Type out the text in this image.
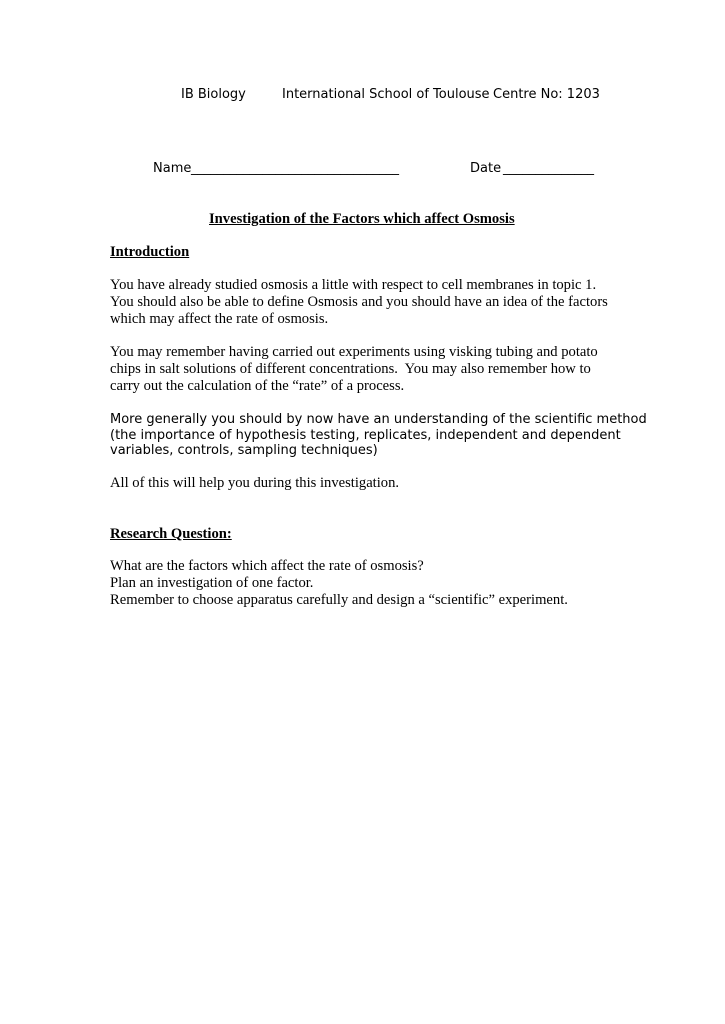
IB Biology	International School of Toulouse Centre No: 1203
Name ________________________________	Date ______________
Investigation of the Factors which affect Osmosis
Introduction
You have already studied osmosis a little with respect to cell membranes in topic 1.
You should also be able to define Osmosis and you should have an idea of the factors
which may affect the rate of osmosis.
You may remember having carried out experiments using visking tubing and potato
chips in salt solutions of different concentrations.  You may also remember how to
carry out the calculation of the “rate” of a process.
More generally you should by now have an understanding of the scientific method
(the importance of hypothesis testing, replicates, independent and dependent
variables, controls, sampling techniques)
All of this will help you during this investigation.
Research Question:
What are the factors which affect the rate of osmosis?
Plan an investigation of one factor.
Remember to choose apparatus carefully and design a “scientific” experiment.
